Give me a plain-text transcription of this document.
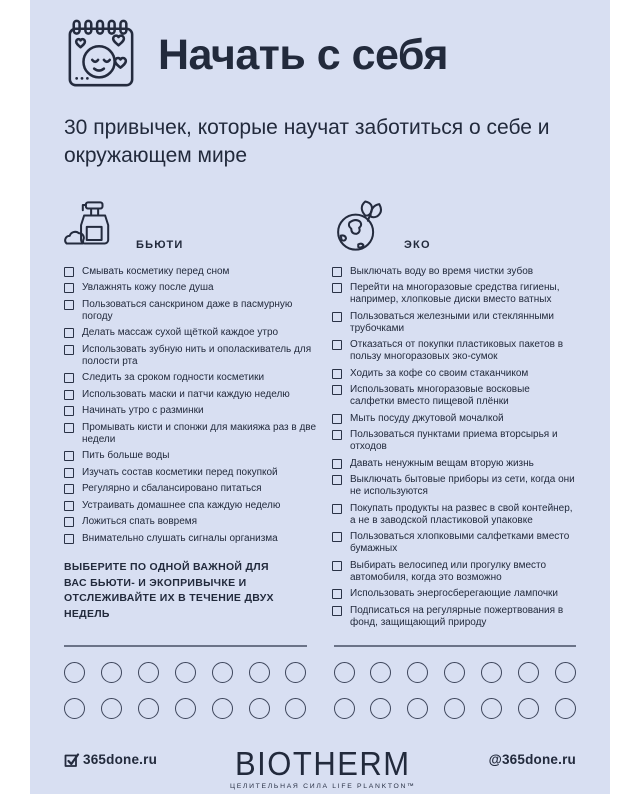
Начать с себя

30 привычек, которые научат заботиться о себе и окружающем мире

БЬЮТИ
Смывать косметику перед сном
Увлажнять кожу после душа
Пользоваться санскрином даже в пасмурную погоду
Делать массаж сухой щёткой каждое утро
Использовать зубную нить и ополаскиватель для полости рта
Следить за сроком годности косметики
Использовать маски и патчи каждую неделю
Начинать утро с разминки
Промывать кисти и спонжи для макияжа раз в две недели
Пить больше воды
Изучать состав косметики перед покупкой
Регулярно и сбалансировано питаться
Устраивать домашнее спа каждую неделю
Ложиться спать вовремя
Внимательно слушать сигналы организма

ВЫБЕРИТЕ ПО ОДНОЙ ВАЖНОЙ ДЛЯ ВАС БЬЮТИ- И ЭКОПРИВЫЧКЕ И ОТСЛЕЖИВАЙТЕ ИХ В ТЕЧЕНИЕ ДВУХ НЕДЕЛЬ

ЭКО
Выключать воду во время чистки зубов
Перейти на многоразовые средства гигиены, например, хлопковые диски вместо ватных
Пользоваться железными или стеклянными трубочками
Отказаться от покупки пластиковых пакетов в пользу многоразовых эко-сумок
Ходить за кофе со своим стаканчиком
Использовать многоразовые восковые салфетки вместо пищевой плёнки
Мыть посуду джутовой мочалкой
Пользоваться пунктами приема вторсырья и отходов
Давать ненужным вещам вторую жизнь
Выключать бытовые приборы из сети, когда они не используются
Покупать продукты на развес в свой контейнер, а не в заводской пластиковой упаковке
Пользоваться хлопковыми салфетками вместо бумажных
Выбирать велосипед или прогулку вместо автомобиля, когда это возможно
Использовать энергосберегающие лампочки
Подписаться на регулярные пожертвования в фонд, защищающий природу
365done.ru	BIOTHERM
ЦЕЛИТЕЛЬНАЯ СИЛА LIFE PLANKTON™
@365done.ru
